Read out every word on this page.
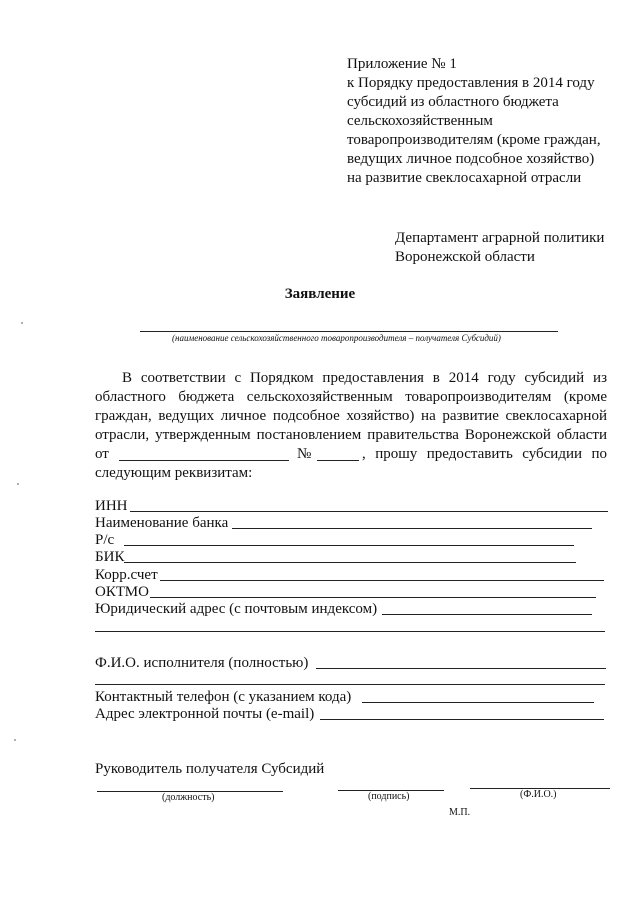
Приложение № 1
к Порядку предоставления в 2014 году
субсидий из областного бюджета
сельскохозяйственным
товаропроизводителям (кроме граждан,
ведущих личное подсобное хозяйство)
на развитие свеклосахарной отрасли
Департамент аграрной политики
Воронежской области
Заявление
(наименование сельскохозяйственного товаропроизводителя – получателя Субсидий)
В соответствии с Порядком предоставления в 2014 году субсидий из
областного бюджета сельскохозяйственным товаропроизводителям (кроме
граждан, ведущих личное подсобное хозяйство) на развитие свеклосахарной
отрасли, утвержденным постановлением правительства Воронежской области
от	№	, прошу предоставить субсидии по
следующим реквизитам:
ИНН
Наименование банка
Р/с
БИК
Корр.счет
ОКТМО
Юридический адрес (с почтовым индексом)
Ф.И.О. исполнителя (полностью)
Контактный телефон (с указанием кода)
Адрес электронной почты (e-mail)
Руководитель получателя Субсидий
(должность)	(подпись)	(Ф.И.О.)
М.П.
